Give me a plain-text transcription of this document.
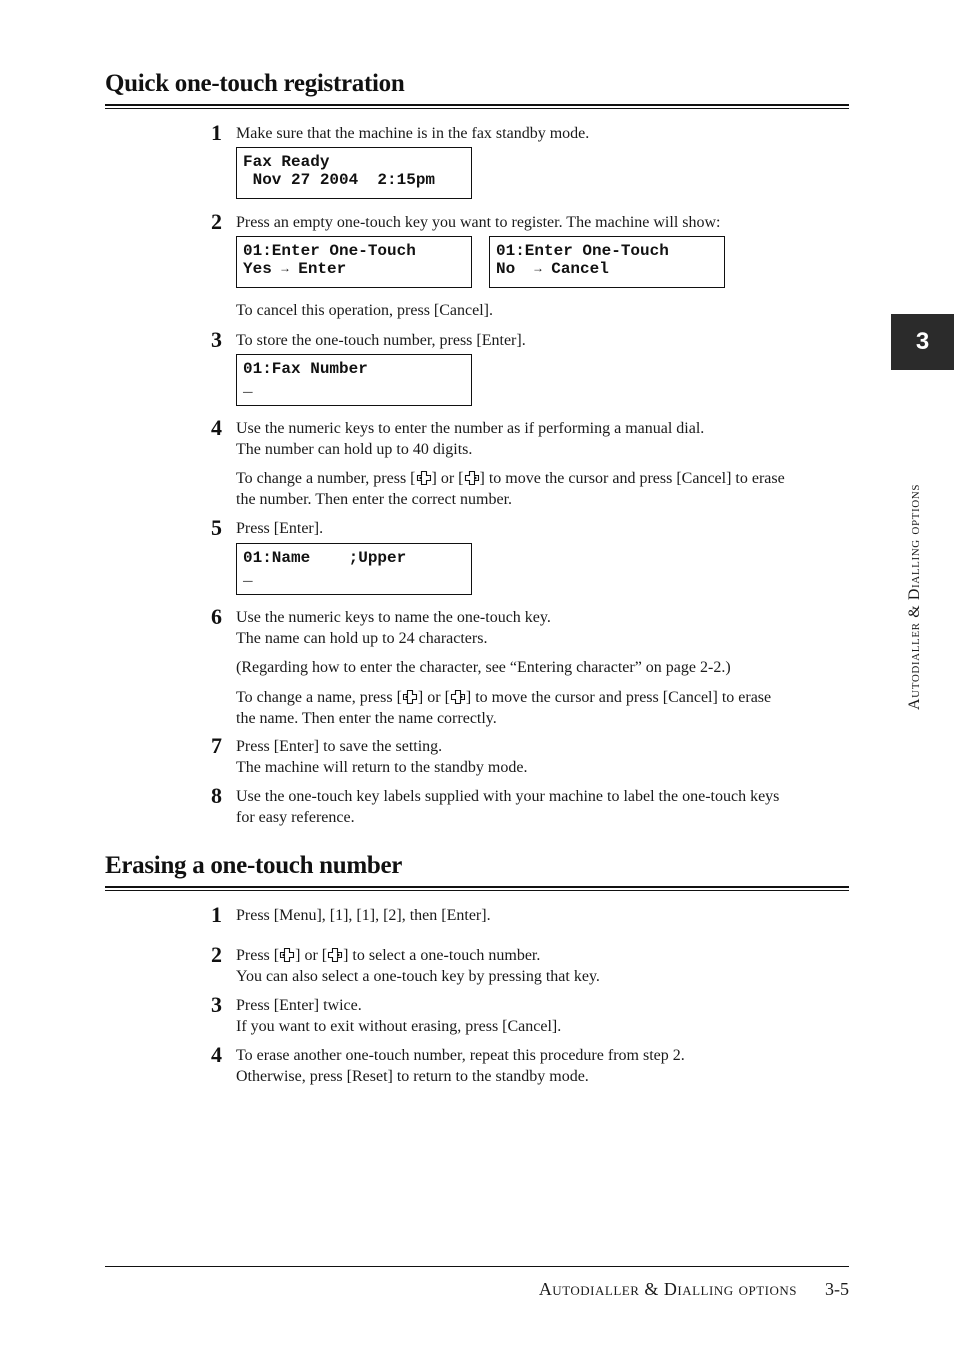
Quick one-touch registration
1 Make sure that the machine is in the fax standby mode.
Fax Ready
Nov 27 2004  2:15pm
2 Press an empty one-touch key you want to register. The machine will show:
01:Enter One-Touch
Yes → Enter
01:Enter One-Touch
No  → Cancel
To cancel this operation, press [Cancel].
3 To store the one-touch number, press [Enter].
01:Fax Number
_
4 Use the numeric keys to enter the number as if performing a manual dial.
The number can hold up to 40 digits.
To change a number, press [ ] or [ ] to move the cursor and press [Cancel] to erase
the number. Then enter the correct number.
5 Press [Enter].
01:Name    ;Upper
_
6 Use the numeric keys to name the one-touch key.
The name can hold up to 24 characters.
(Regarding how to enter the character, see “Entering character” on page 2-2.)
To change a name, press [ ] or [ ] to move the cursor and press [Cancel] to erase
the name. Then enter the name correctly.
7 Press [Enter] to save the setting.
The machine will return to the standby mode.
8 Use the one-touch key labels supplied with your machine to label the one-touch keys
for easy reference.
Erasing a one-touch number
1 Press [Menu], [1], [1], [2], then [Enter].
2 Press [ ] or [ ] to select a one-touch number.
You can also select a one-touch key by pressing that key.
3 Press [Enter] twice.
If you want to exit without erasing, press [Cancel].
4 To erase another one-touch number, repeat this procedure from step 2.
Otherwise, press [Reset] to return to the standby mode.
3
Autodialler & Dialling options
Autodialler & Dialling options 3-5
